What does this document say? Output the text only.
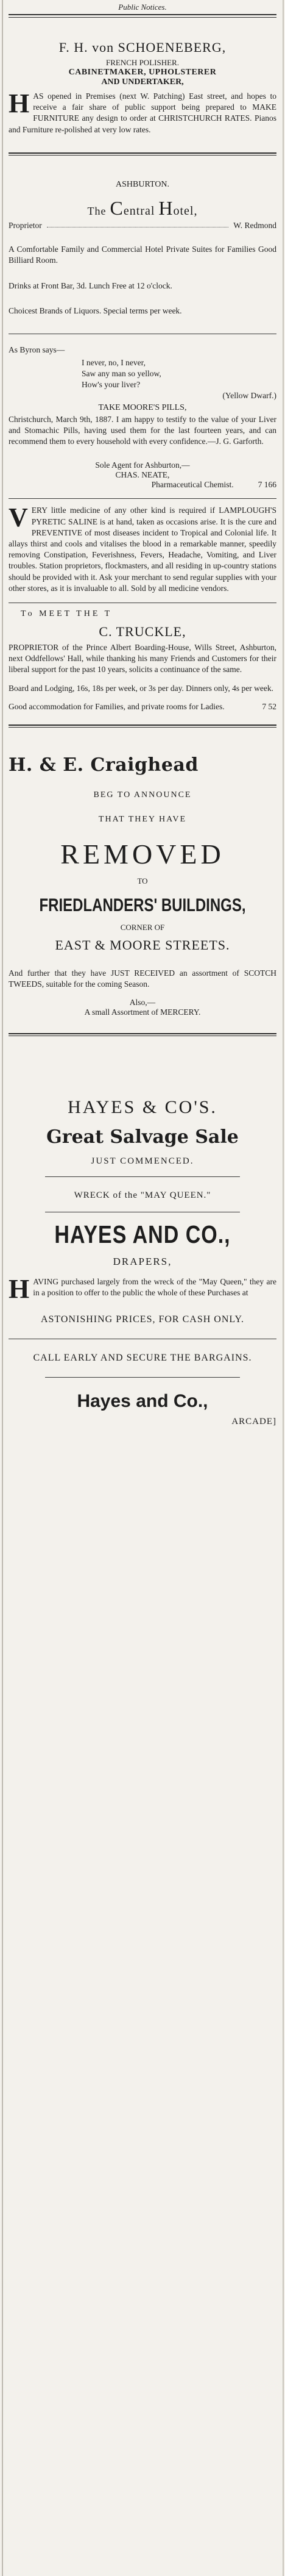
Public Notices.
F. H. von SCHOENEBERG,
FRENCH POLISHER.
CABINETMAKER, UPHOLSTERER
AND UNDERTAKER,
H AS opened in Premises (next W. Patching) East street, and hopes to receive a fair share of public support being prepared to MAKE FURNITURE any design to order at CHRISTCHURCH RATES. Pianos and Furniture re-polished at very low rates.

ASHBURTON.
The Central Hotel,
Proprietor	W. Redmond

A Comfortable Family and Commercial Hotel Private Suites for Families Good Billiard Room.

Drinks at Front Bar, 3d. Lunch Free at 12 o'clock.

Choicest Brands of Liquors. Special terms per week.

As Byron says—
I never, no, I never,
Saw any man so yellow,
How's your liver?
(Yellow Dwarf.)
TAKE MOORE'S PILLS,

Christchurch, March 9th, 1887. I am happy to testify to the value of your Liver and Stomachic Pills, having used them for the last fourteen years, and can recommend them to every household with every confidence.—J. G. Garforth.

Sole Agent for Ashburton,—
CHAS. NEATE,
Pharmaceutical Chemist.	7 166
V ERY little medicine of any other kind is required if LAMPLOUGH'S PYRETIC SALINE is at hand, taken as occasions arise. It is the cure and PREVENTIVE of most diseases incident to Tropical and Colonial life. It allays thirst and cools and vitalises the blood in a remarkable manner, speedily removing Constipation, Feverishness, Fevers, Headache, Vomiting, and Liver troubles. Station proprietors, flockmasters, and all residing in up-country stations should be provided with it. Ask your merchant to send regular supplies with your other stores, as it is invaluable to all. Sold by all medicine vendors.

To MEET THE T
C. TRUCKLE,

PROPRIETOR of the Prince Albert Boarding-House, Wills Street, Ashburton, next Oddfellows' Hall, while thanking his many Friends and Customers for their liberal support for the past 10 years, solicits a continuance of the same.

Board and Lodging, 16s, 18s per week, or 3s per day. Dinners only, 4s per week.

Good accommodation for Families, and private rooms for Ladies.	7 52
H. & E. Craighead
BEG TO ANNOUNCE
THAT THEY HAVE
REMOVED
TO
FRIEDLANDERS' BUILDINGS,
CORNER OF
EAST & MOORE STREETS.

And further that they have JUST RECEIVED an assortment of SCOTCH TWEEDS, suitable for the coming Season.

Also,—
A small Assortment of MERCERY.
HAYES & CO'S.
Great Salvage Sale
JUST COMMENCED.
WRECK of the "MAY QUEEN."
HAYES AND CO.,
DRAPERS,
H AVING purchased largely from the wreck of the "May Queen," they are in a position to offer to the public the whole of these Purchases at

ASTONISHING PRICES, FOR CASH ONLY.
CALL EARLY AND SECURE THE BARGAINS.
Hayes and Co.,
ARCADE]
